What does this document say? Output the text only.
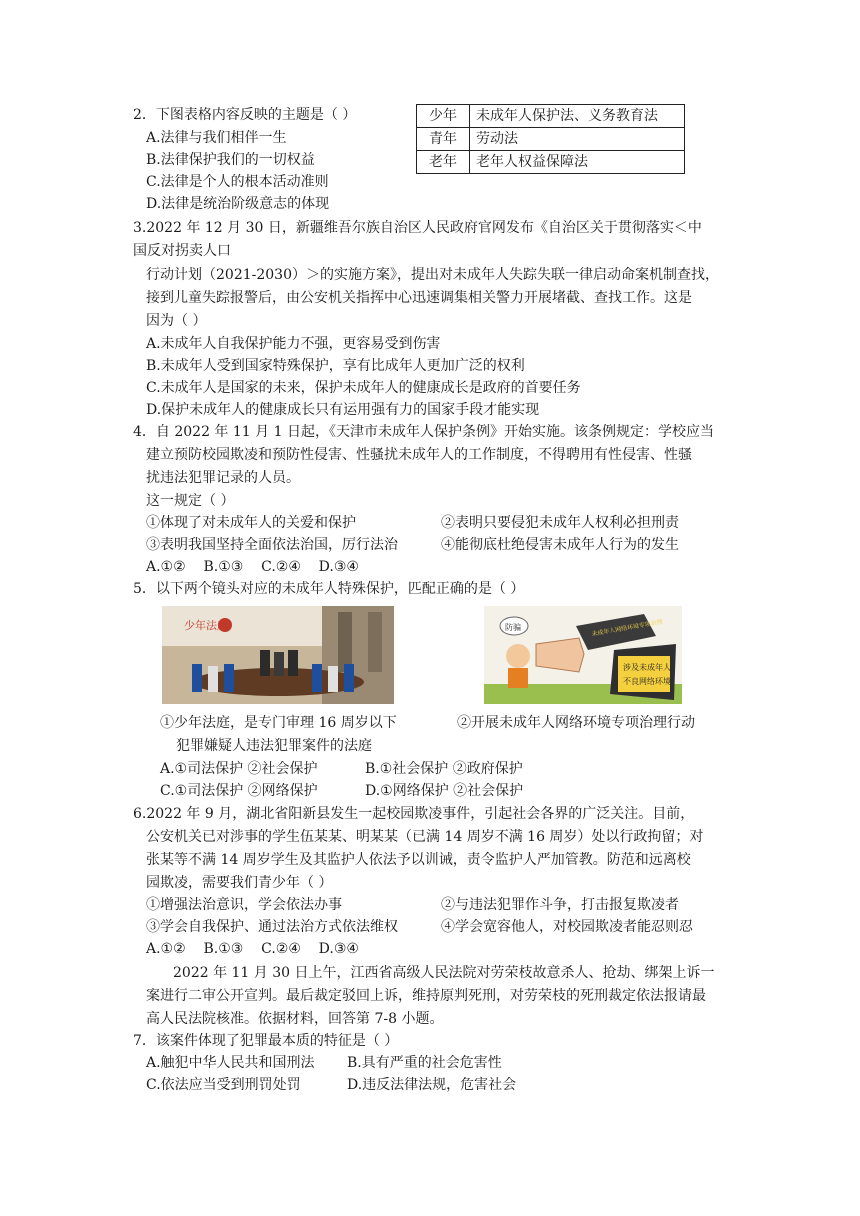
2．下图表格内容反映的主题是（ ）
A.法律与我们相伴一生
B.法律保护我们的一切权益
C.法律是个人的根本活动准则
D.法律是统治阶级意志的体现
少年	未成年人保护法、义务教育法
青年	劳动法
老年	老年人权益保障法
3.2022 年 12 月 30 日，新疆维吾尔族自治区人民政府官网发布《自治区关于贯彻落实＜中
国反对拐卖人口
行动计划（2021-2030）＞的实施方案》，提出对未成年人失踪失联一律启动命案机制查找，
接到儿童失踪报警后，由公安机关指挥中心迅速调集相关警力开展堵截、查找工作。这是
因为（ ）
A.未成年人自我保护能力不强，更容易受到伤害
B.未成年人受到国家特殊保护，享有比成年人更加广泛的权利
C.未成年人是国家的未来，保护未成年人的健康成长是政府的首要任务
D.保护未成年人的健康成长只有运用强有力的国家手段才能实现
4．自 2022 年 11 月 1 日起，《天津市未成年人保护条例》开始实施。该条例规定：学校应当
建立预防校园欺凌和预防性侵害、性骚扰未成年人的工作制度，不得聘用有性侵害、性骚
扰违法犯罪记录的人员。
这一规定（ ）
①体现了对未成年人的关爱和保护	②表明只要侵犯未成年人权利必担刑责
③表明我国坚持全面依法治国，厉行法治	④能彻底杜绝侵害未成年人行为的发生
A.①②    B.①③    C.②④    D.③④
5．以下两个镜头对应的未成年人特殊保护，匹配正确的是（ ）
少年法庭	防骗	未成年人网络环境专项治理
涉及未成年人
不良网络环境
①少年法庭，是专门审理 16 周岁以下
犯罪嫌疑人违法犯罪案件的法庭
②开展未成年人网络环境专项治理行动
A.①司法保护 ②社会保护	B.①社会保护 ②政府保护
C.①司法保护 ②网络保护	D.①网络保护 ②社会保护
6.2022 年 9 月，湖北省阳新县发生一起校园欺凌事件，引起社会各界的广泛关注。目前，
公安机关已对涉事的学生伍某某、明某某（已满 14 周岁不满 16 周岁）处以行政拘留；对
张某等不满 14 周岁学生及其监护人依法予以训诫，责令监护人严加管教。防范和远离校
园欺凌，需要我们青少年（ ）
①增强法治意识，学会依法办事	②与违法犯罪作斗争，打击报复欺凌者
③学会自我保护、通过法治方式依法维权	④学会宽容他人，对校园欺凌者能忍则忍
A.①②    B.①③    C.②④    D.③④
2022 年 11 月 30 日上午，江西省高级人民法院对劳荣枝故意杀人、抢劫、绑架上诉一
案进行二审公开宣判。最后裁定驳回上诉，维持原判死刑，对劳荣枝的死刑裁定依法报请最
高人民法院核准。依据材料，回答第 7-8 小题。
7．该案件体现了犯罪最本质的特征是（ ）
A.触犯中华人民共和国刑法 B.具有严重的社会危害性
C.依法应当受到刑罚处罚	D.违反法律法规，危害社会
